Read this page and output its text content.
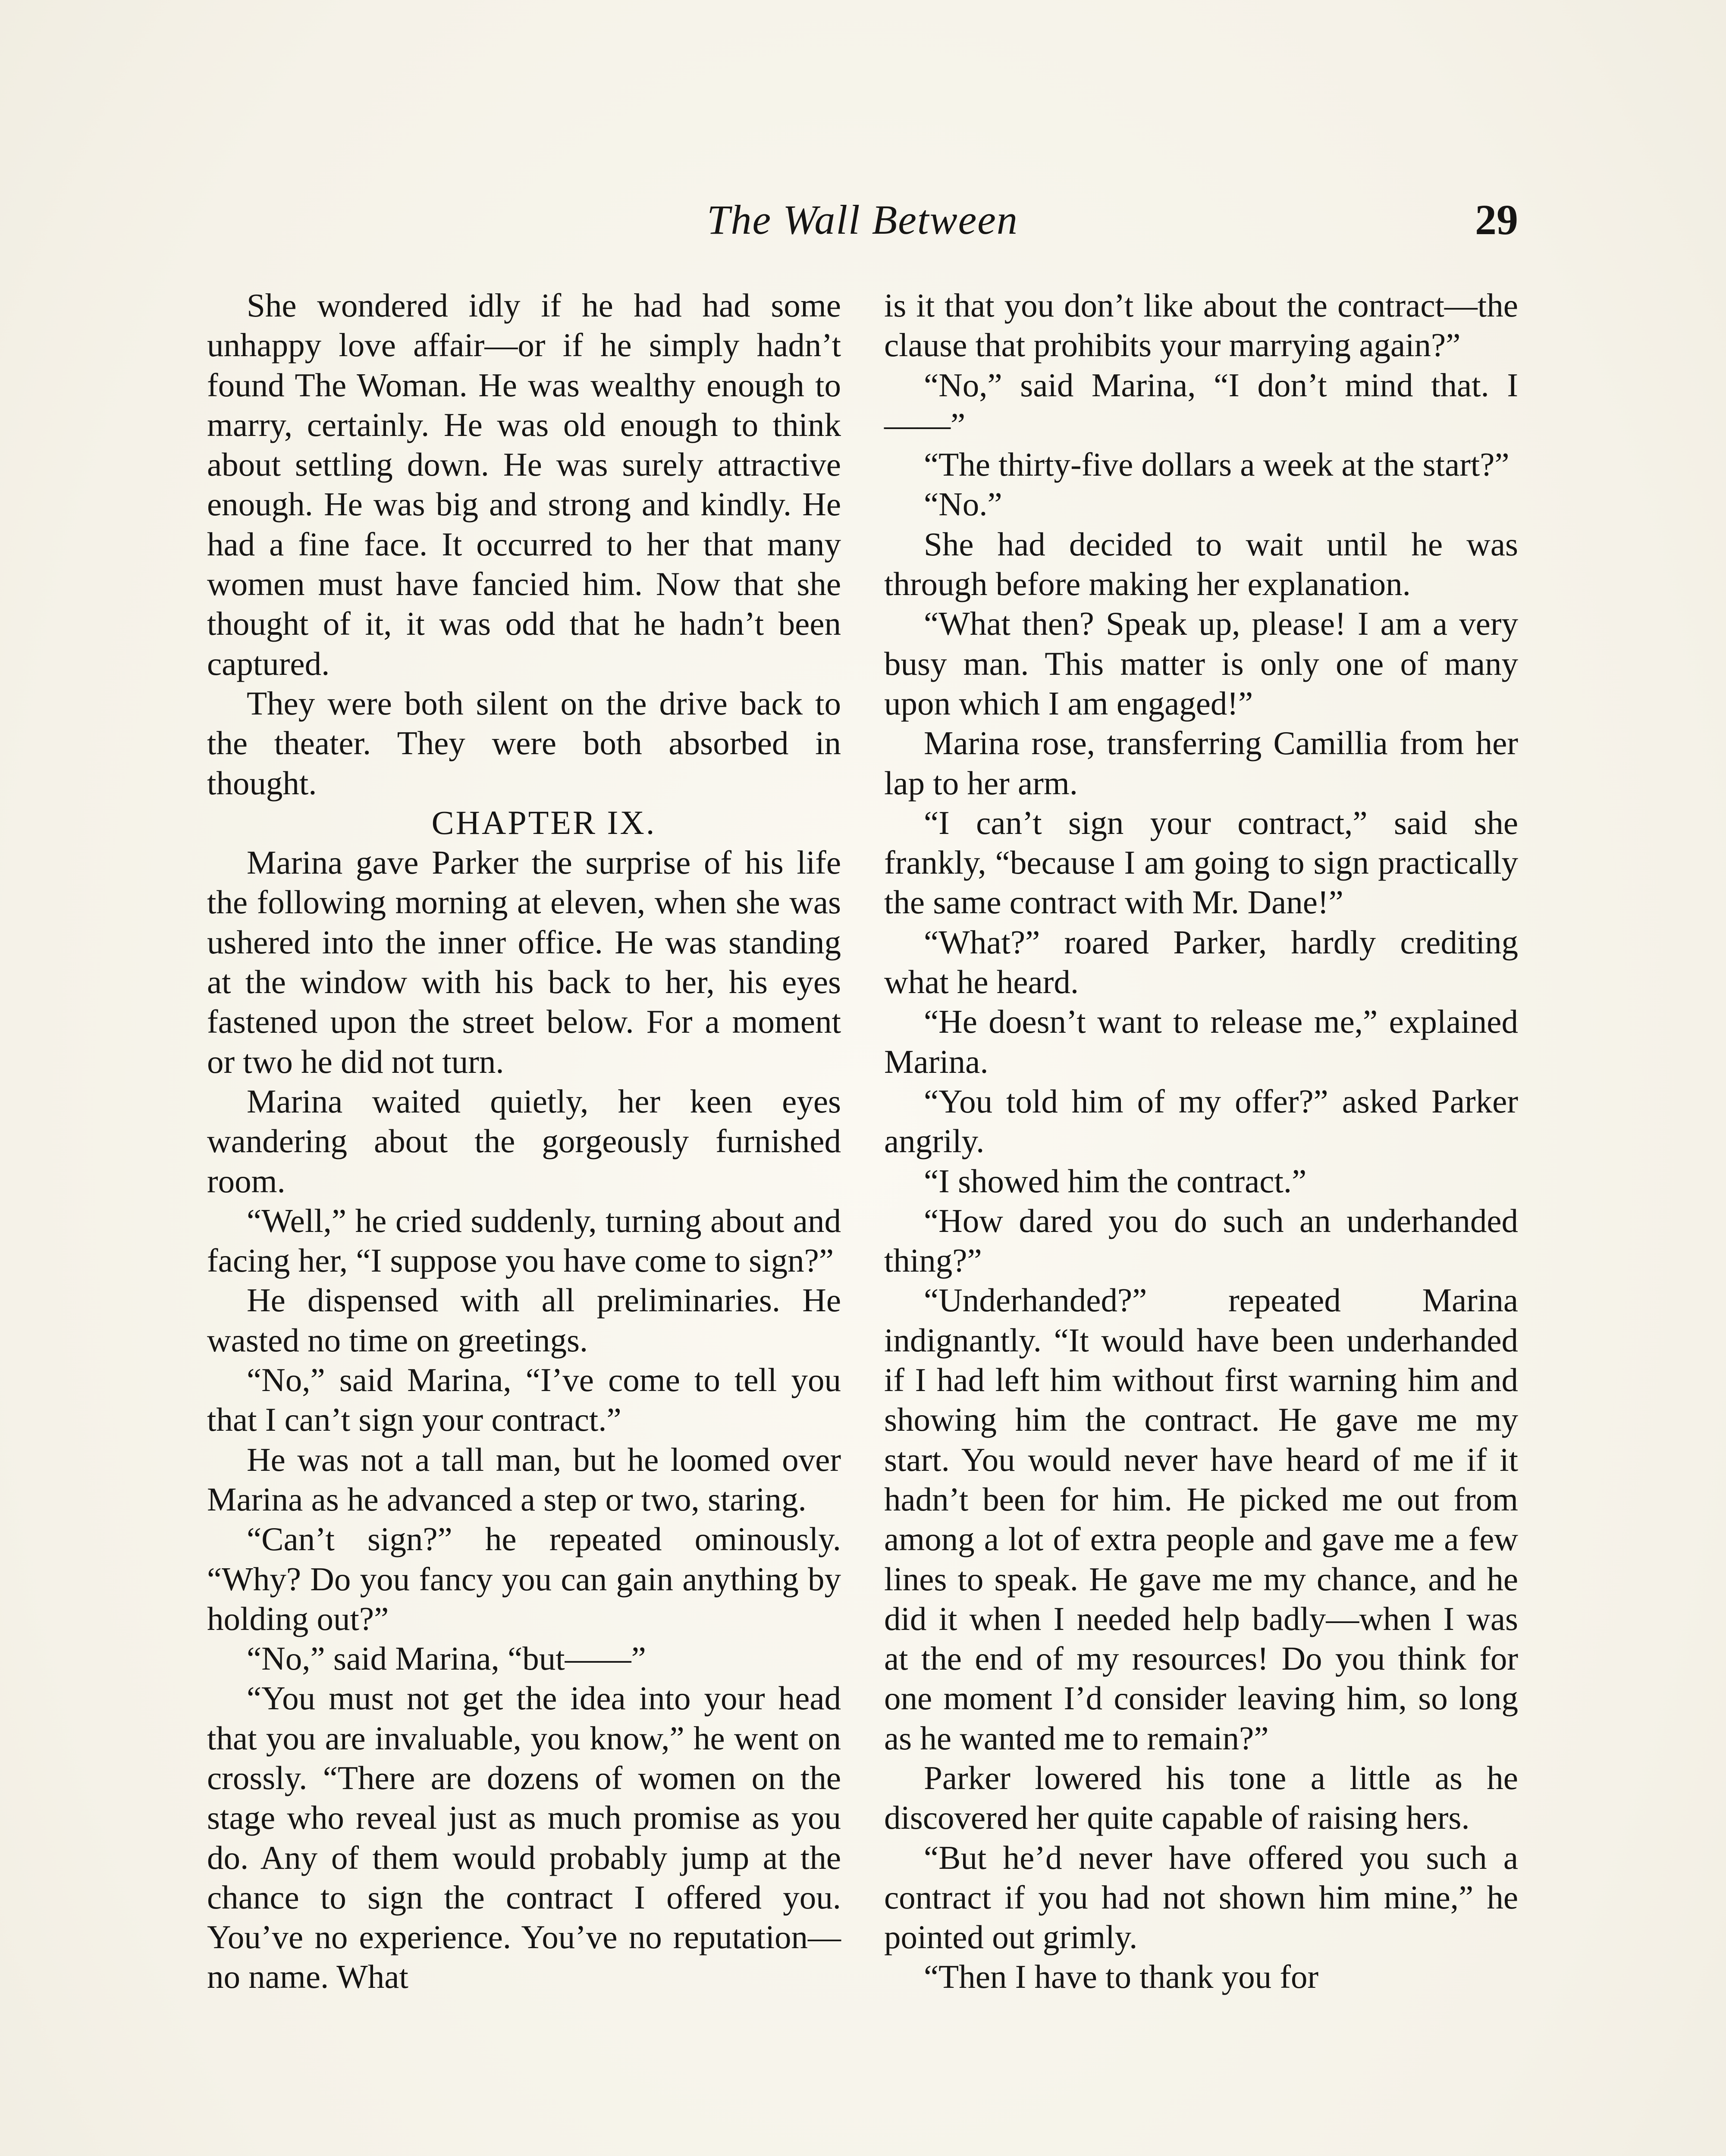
The Wall Between	29

She wondered idly if he had had some unhappy love affair—or if he simply hadn’t found The Woman. He was wealthy enough to marry, certainly. He was old enough to think about settling down. He was surely attractive enough. He was big and strong and kindly. He had a fine face. It occurred to her that many women must have fancied him. Now that she thought of it, it was odd that he hadn’t been captured.

They were both silent on the drive back to the theater. They were both absorbed in thought.

CHAPTER IX.

Marina gave Parker the surprise of his life the following morning at eleven, when she was ushered into the inner office. He was standing at the window with his back to her, his eyes fastened upon the street below. For a moment or two he did not turn.

Marina waited quietly, her keen eyes wandering about the gorgeously furnished room.

“Well,” he cried suddenly, turning about and facing her, “I suppose you have come to sign?”

He dispensed with all preliminaries. He wasted no time on greetings.

“No,” said Marina, “I’ve come to tell you that I can’t sign your contract.”

He was not a tall man, but he loomed over Marina as he advanced a step or two, staring.

“Can’t sign?” he repeated ominously. “Why? Do you fancy you can gain anything by holding out?”

“No,” said Marina, “but——”

“You must not get the idea into your head that you are invaluable, you know,” he went on crossly. “There are dozens of women on the stage who reveal just as much promise as you do. Any of them would probably jump at the chance to sign the contract I offered you. You’ve no experience. You’ve no reputation—no name. What

is it that you don’t like about the contract—the clause that prohibits your marrying again?”

“No,” said Marina, “I don’t mind that. I——”

“The thirty-five dollars a week at the start?”

“No.”

She had decided to wait until he was through before making her explanation.

“What then? Speak up, please! I am a very busy man. This matter is only one of many upon which I am engaged!”

Marina rose, transferring Camillia from her lap to her arm.

“I can’t sign your contract,” said she frankly, “because I am going to sign practically the same contract with Mr. Dane!”

“What?” roared Parker, hardly crediting what he heard.

“He doesn’t want to release me,” explained Marina.

“You told him of my offer?” asked Parker angrily.

“I showed him the contract.”

“How dared you do such an underhanded thing?”

“Underhanded?” repeated Marina indignantly. “It would have been underhanded if I had left him without first warning him and showing him the contract. He gave me my start. You would never have heard of me if it hadn’t been for him. He picked me out from among a lot of extra people and gave me a few lines to speak. He gave me my chance, and he did it when I needed help badly—when I was at the end of my resources! Do you think for one moment I’d consider leaving him, so long as he wanted me to remain?”

Parker lowered his tone a little as he discovered her quite capable of raising hers.

“But he’d never have offered you such a contract if you had not shown him mine,” he pointed out grimly.

“Then I have to thank you for
